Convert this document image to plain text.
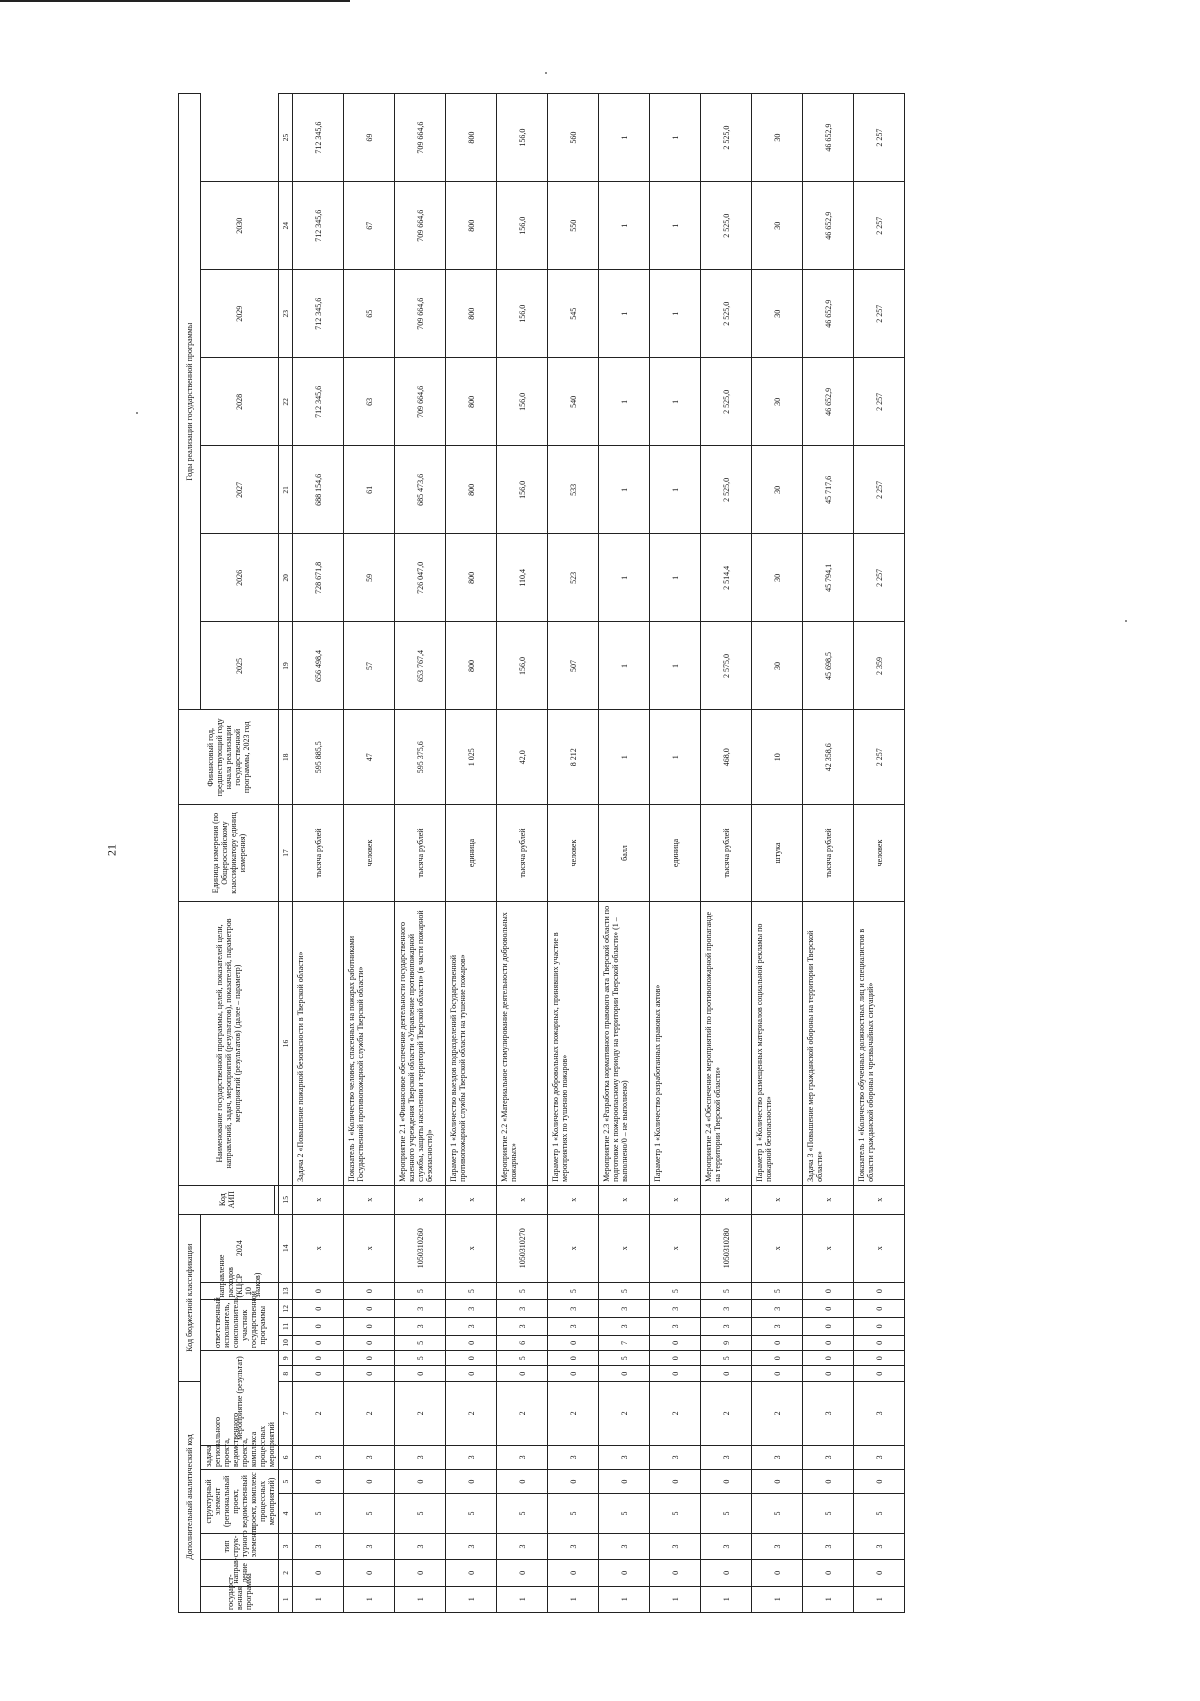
21
Дополнительный аналитический код							Код бюджетной классификации							Код АИП	Наименование государственной программы, целей, показателей цели, направлений, задач, мероприятий (результатов), показателей, параметров мероприятий (результатов) (далее – параметр)	Единица измерения (по Общероссийскому классификатору единиц измерения)	Финансовый год, предшествующий году начала реализации государственной программы, 2023 год	Годы реализации государственной программы						
государст- венная программа	направ- ление	тип струк- турного элемента	структурный элемент (региональный проект, ведомственный проект, комплекс процессных мероприятий)		задача регионального проекта, ведомственного проекта, комплекса процессных мероприятий	мероприятие (результат)			ответственный исполнитель, соисполнитель, участник государственной программы			направление расходов (КЦСР 10 знаков)	2024					2025	2026	2027	2028	2029	2030	

1	2	3	4	5	6	7	8	9	10	11	12	13	14	15	16	17	18	19	20	21	22	23	24	25
1	0	3	5	0	3	2	0	0	0	0	0	0	x	x	Задача 2 «Повышение пожарной безопасности в Тверской области»	тысяча рублей	595 885,5	656 498,4	728 671,8	688 154,6	712 345,6	712 345,6	712 345,6	712 345,6
1	0	3	5	0	3	2	0	0	0	0	0	0	x	x	Показатель 1 «Количество человек, спасенных на пожарах работниками Государственной противопожарной службы Тверской области»	человек	47	57	59	61	63	65	67	69
1	0	3	5	0	3	2	0	5	5	3	3	5	1050310260	x	Мероприятие 2.1 «Финансовое обеспечение деятельности государственного казенного учреждения Тверской области «Управление противопожарной службы, защиты населения и территорий Тверской области» (в части пожарной безопасности)»	тысяча рублей	595 375,6	653 767,4	726 047,0	685 473,6	709 664,6	709 664,6	709 664,6	709 664,6
1	0	3	5	0	3	2	0	0	0	3	3	5	x	x	Параметр 1 «Количество выездов подразделений Государственной противопожарной службы Тверской области на тушение пожаров»	единица	1 025	800	800	800	800	800	800	800
1	0	3	5	0	3	2	0	5	6	3	3	5	1050310270	x	Мероприятие 2.2 «Материальное стимулирование деятельности добровольных пожарных»	тысяча рублей	42,0	156,0	110,4	156,0	156,0	156,0	156,0	156,0
1	0	3	5	0	3	2	0	0	0	3	3	5	x	x	Параметр 1 «Количество добровольных пожарных, принявших участие в мероприятиях по тушению пожаров»	человек	8 212	507	523	533	540	545	550	560
1	0	3	5	0	3	2	0	5	7	3	3	5	x	x	Мероприятие 2.3 «Разработка нормативного правового акта Тверской области по подготовке к пожароопасному периоду на территории Тверской области» (1 – выполнено/0 – не выполнено)	балл	1	1	1	1	1	1	1	1
1	0	3	5	0	3	2	0	0	0	3	3	5	x	x	Параметр 1 «Количество разработанных правовых актов»	единица	1	1	1	1	1	1	1	1
1	0	3	5	0	3	2	0	5	9	3	3	5	1050310280	x	Мероприятие 2.4 «Обеспечение мероприятий по противопожарной пропаганде на территории Тверской области»	тысяча рублей	468,0	2 575,0	2 514,4	2 525,0	2 525,0	2 525,0	2 525,0	2 525,0
1	0	3	5	0	3	2	0	0	0	3	3	5	x	x	Параметр 1 «Количество размещенных материалов социальной рекламы по пожарной безопасности»	штука	10	30	30	30	30	30	30	30
1	0	3	5	0	3	3	0	0	0	0	0	0	x	x	Задача 3 «Повышение мер гражданской обороны на территории Тверской области»	тысяча рублей	42 358,6	45 698,5	45 794,1	45 717,6	46 652,9	46 652,9	46 652,9	46 652,9
1	0	3	5	0	3	3	0	0	0	0	0	0	x	x	Показатель 1 «Количество обученных должностных лиц и специалистов в области гражданской обороны и чрезвычайных ситуаций»	человек	2 257	2 359	2 257	2 257	2 257	2 257	2 257	2 257
